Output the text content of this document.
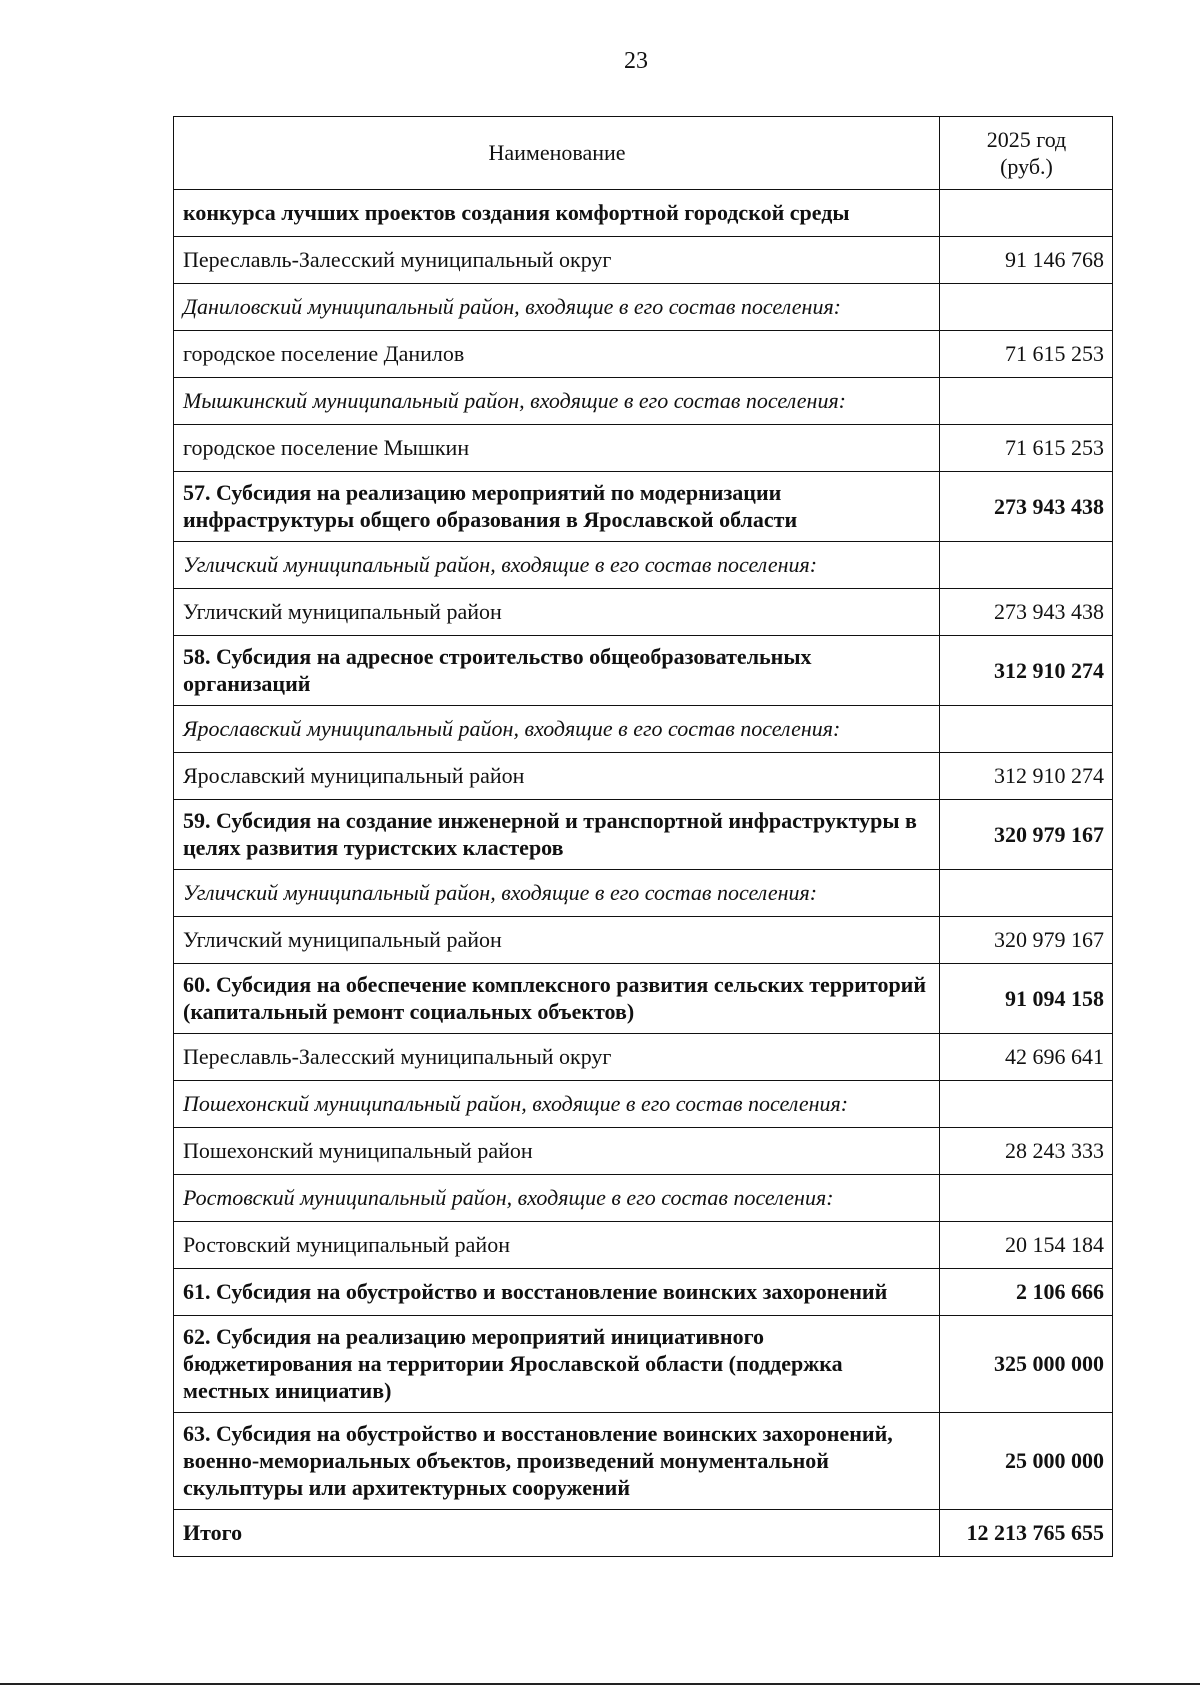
23
Наименование	2025 год
(руб.)

конкурса лучших проектов создания комфортной городской среды	
Переславль-Залесский муниципальный округ	91 146 768
Даниловский муниципальный район, входящие в его состав поселения:	
городское поселение Данилов	71 615 253
Мышкинский муниципальный район, входящие в его состав поселения:	
городское поселение Мышкин	71 615 253
57. Субсидия на реализацию мероприятий по модернизации инфраструктуры общего образования в Ярославской области	273 943 438
Угличский муниципальный район, входящие в его состав поселения:	
Угличский муниципальный район	273 943 438
58. Субсидия на адресное строительство общеобразовательных организаций	312 910 274
Ярославский муниципальный район, входящие в его состав поселения:	
Ярославский муниципальный район	312 910 274
59. Субсидия на создание инженерной и транспортной инфраструктуры в целях развития туристских кластеров	320 979 167
Угличский муниципальный район, входящие в его состав поселения:	
Угличский муниципальный район	320 979 167
60. Субсидия на обеспечение комплексного развития сельских территорий (капитальный ремонт социальных объектов)	91 094 158
Переславль-Залесский муниципальный округ	42 696 641
Пошехонский муниципальный район, входящие в его состав поселения:	
Пошехонский муниципальный район	28 243 333
Ростовский муниципальный район, входящие в его состав поселения:	
Ростовский муниципальный район	20 154 184
61. Субсидия на обустройство и восстановление воинских захоронений	2 106 666
62. Субсидия на реализацию мероприятий инициативного бюджетирования на территории Ярославской области (поддержка местных инициатив)	325 000 000
63. Субсидия на обустройство и восстановление воинских захоронений, военно-мемориальных объектов, произведений монументальной скульптуры или архитектурных сооружений	25 000 000
Итого	12 213 765 655
